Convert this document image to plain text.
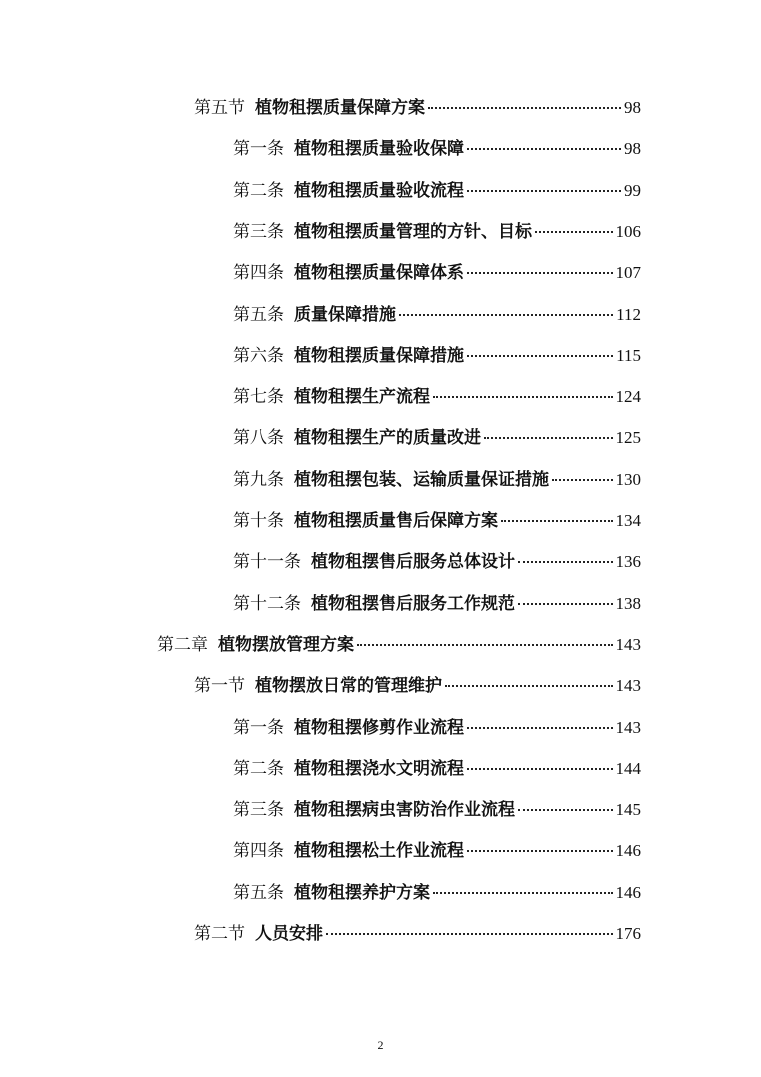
第五节 植物租摆质量保障方案	98
第一条 植物租摆质量验收保障	98
第二条 植物租摆质量验收流程	99
第三条 植物租摆质量管理的方针、目标	106
第四条 植物租摆质量保障体系	107
第五条 质量保障措施	112
第六条 植物租摆质量保障措施	115
第七条 植物租摆生产流程	124
第八条 植物租摆生产的质量改进	125
第九条 植物租摆包装、运输质量保证措施	130
第十条 植物租摆质量售后保障方案	134
第十一条 植物租摆售后服务总体设计	136
第十二条 植物租摆售后服务工作规范	138
第二章 植物摆放管理方案	143
第一节 植物摆放日常的管理维护	143
第一条 植物租摆修剪作业流程	143
第二条 植物租摆浇水文明流程	144
第三条 植物租摆病虫害防治作业流程	145
第四条 植物租摆松土作业流程	146
第五条 植物租摆养护方案	146
第二节 人员安排	176
2
